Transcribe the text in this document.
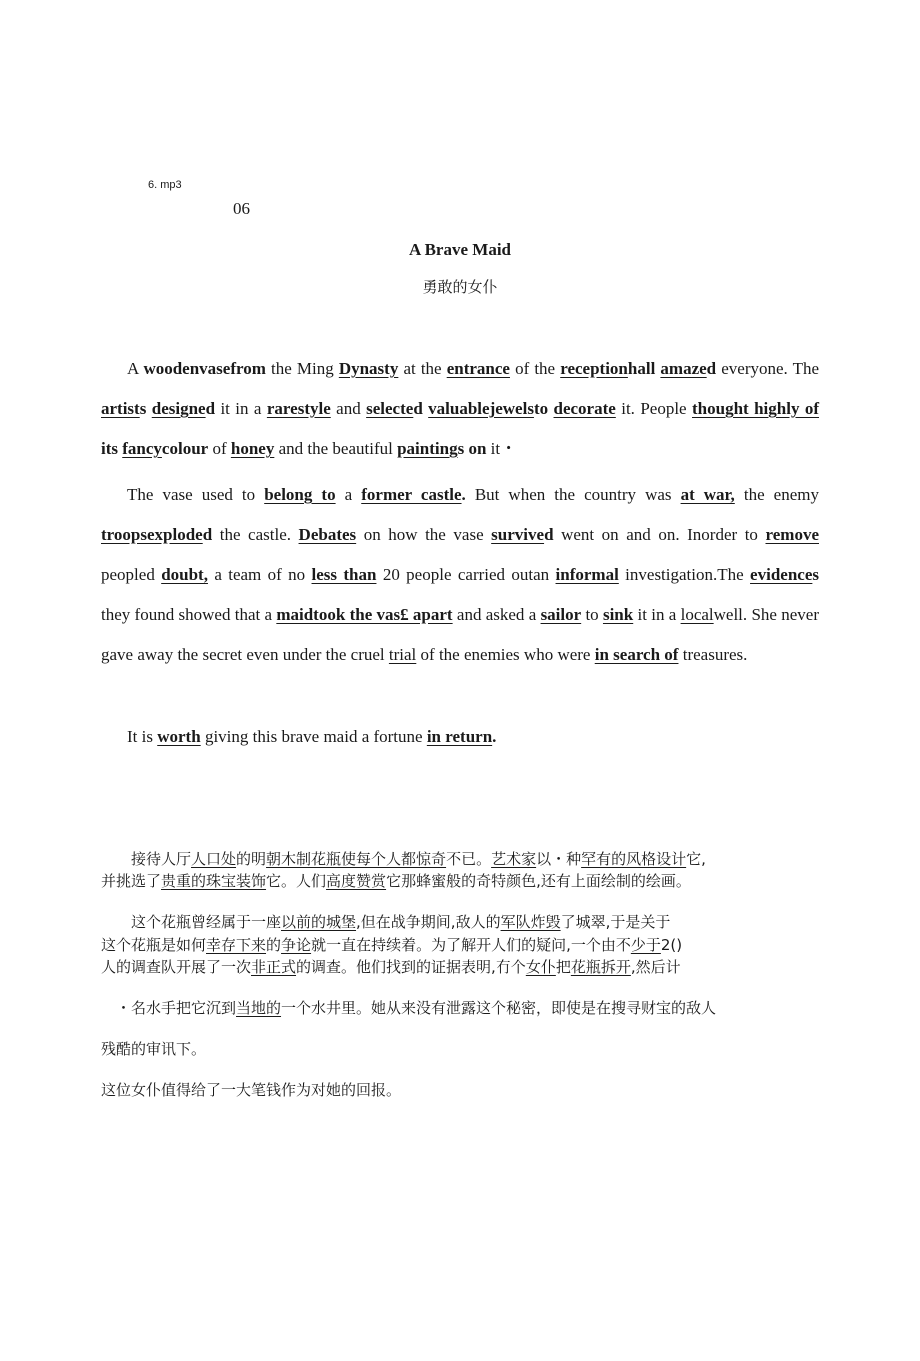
6. mp3
06
A Brave Maid
勇敢的女仆

A woodenvasefrom the Ming Dynasty at the entrance of the receptionhall amazed everyone. The artists designed it in a rarestyle and selected valuablejewelsto decorate it. People thought highly of its fancycolour of honey and the beautiful paintings on it・

The vase used to belong to a former castle. But when the country was at war, the enemy troopsexploded the castle. Debates on how the vase survived went on and on. Inorder to remove peopled doubt, a team of no less than 20 people carried outan informal investigation.The evidences they found showed that a maidtook the vas£ apart and asked a sailor to sink it in a localwell. She never gave away the secret even under the cruel trial of the enemies who were in search of treasures.

It is worth giving this brave maid a fortune in return.

　　接待人厅人口处的明朝木制花瓶使每个人都惊奇不已。艺术家以・种罕有的风格设计它,
并挑选了贵重的珠宝装饰它。人们高度赞赏它那蜂蜜般的奇特颜色,还有上面绘制的绘画。
　　这个花瓶曾经属于一座以前的城堡,但在战争期间,敌人的军队炸毁了城翠,于是关于
这个花瓶是如何幸存下来的争论就一直在持续着。为了解开人们的疑问,一个由不少于2()
人的调查队开展了一次非正式的调查。他们找到的证据表明,冇个女仆把花瓶拆开,然后计
　・名水手把它沉到当地的一个水井里。她从来没有泄露这个秘密，即使是在搜寻财宝的敌人
残酷的审讯下。
这位女仆值得给了一大笔钱作为对她的回报。
